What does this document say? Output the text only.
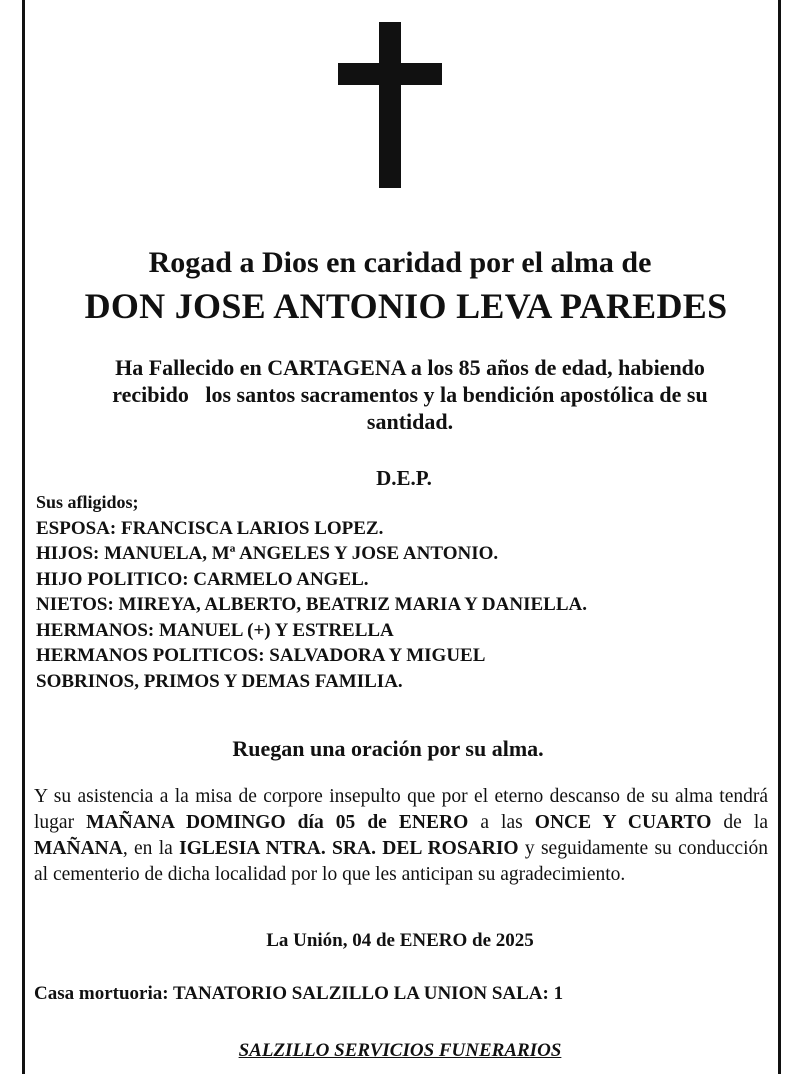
Rogad a Dios en caridad por el alma de
DON JOSE ANTONIO LEVA PAREDES
Ha Fallecido en CARTAGENA a los 85 años de edad, habiendo
recibido   los santos sacramentos y la bendición apostólica de su
santidad.
D.E.P.
Sus afligidos;
ESPOSA: FRANCISCA LARIOS LOPEZ.
HIJOS: MANUELA, Mª ANGELES Y JOSE ANTONIO.
HIJO POLITICO: CARMELO ANGEL.
NIETOS: MIREYA, ALBERTO, BEATRIZ MARIA Y DANIELLA.
HERMANOS: MANUEL (+) Y ESTRELLA
HERMANOS POLITICOS: SALVADORA Y MIGUEL
SOBRINOS, PRIMOS Y DEMAS FAMILIA.
Ruegan una oración por su alma.
Y su asistencia a la misa de corpore insepulto que por el eterno descanso de su alma tendrá lugar MAÑANA DOMINGO día 05 de ENERO a las ONCE Y CUARTO de la MAÑANA, en la IGLESIA NTRA. SRA. DEL ROSARIO y seguidamente su conducción al cementerio de dicha localidad por lo que les anticipan su agradecimiento.
La Unión, 04 de ENERO de 2025
Casa mortuoria: TANATORIO SALZILLO LA UNION SALA: 1
SALZILLO SERVICIOS FUNERARIOS
